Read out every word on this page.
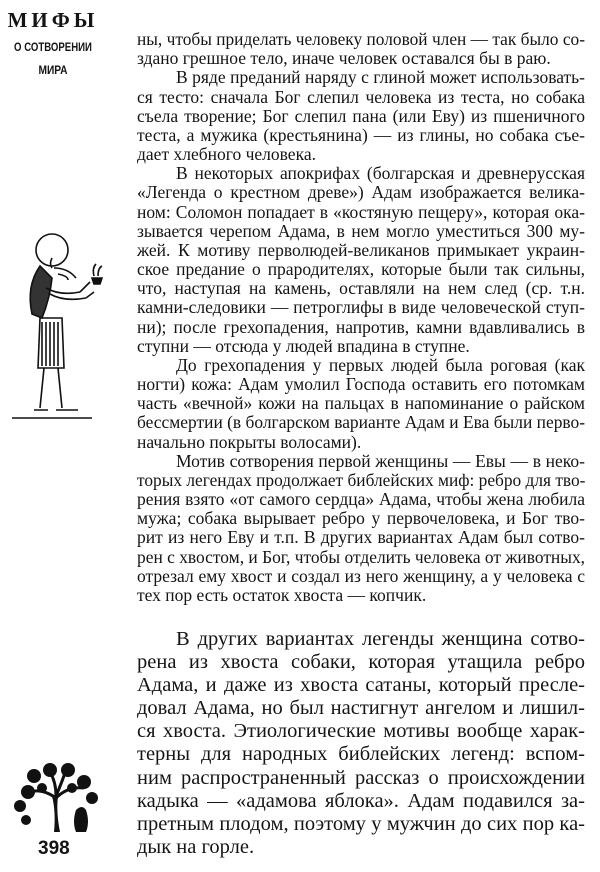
МИФЫ
О СОТВОРЕНИИ
МИРА
ны, чтобы приделать человеку половой член — так было со-
здано грешное тело, иначе человек оставался бы в раю.
В ряде преданий наряду с глиной может использовать-
ся тесто: сначала Бог слепил человека из теста, но собака
съела творение; Бог слепил пана (или Еву) из пшеничного
теста, а мужика (крестьянина) — из глины, но собака съе-
дает хлебного человека.
В некоторых апокрифах (болгарская и древнерусская
«Легенда о крестном древе») Адам изображается велика-
ном: Соломон попадает в «костяную пещеру», которая ока-
зывается черепом Адама, в нем могло уместиться 300 му-
жей. К мотиву перволюдей-великанов примыкает украин-
ское предание о прародителях, которые были так сильны,
что, наступая на камень, оставляли на нем след (ср. т.н.
камни-следовики — петроглифы в виде человеческой ступ-
ни); после грехопадения, напротив, камни вдавливались в
ступни — отсюда у людей впадина в ступне.
До грехопадения у первых людей была роговая (как
ногти) кожа: Адам умолил Господа оставить его потомкам
часть «вечной» кожи на пальцах в напоминание о райском
бессмертии (в болгарском варианте Адам и Ева были перво-
начально покрыты волосами).
Мотив сотворения первой женщины — Евы — в неко-
торых легендах продолжает библейских миф: ребро для тво-
рения взято «от самого сердца» Адама, чтобы жена любила
мужа; собака вырывает ребро у первочеловека, и Бог тво-
рит из него Еву и т.п. В других вариантах Адам был сотво-
рен с хвостом, и Бог, чтобы отделить человека от животных,
отрезал ему хвост и создал из него женщину, а у человека с
тех пор есть остаток хвоста — копчик.
В других вариантах легенды женщина сотво-
рена из хвоста собаки, которая утащила ребро
Адама, и даже из хвоста сатаны, который пресле-
довал Адама, но был настигнут ангелом и лишил-
ся хвоста. Этиологические мотивы вообще харак-
терны для народных библейских легенд: вспом-
ним распространенный рассказ о происхождении
кадыка — «адамова яблока». Адам подавился за-
претным плодом, поэтому у мужчин до сих пор ка-
дык на горле.
398
